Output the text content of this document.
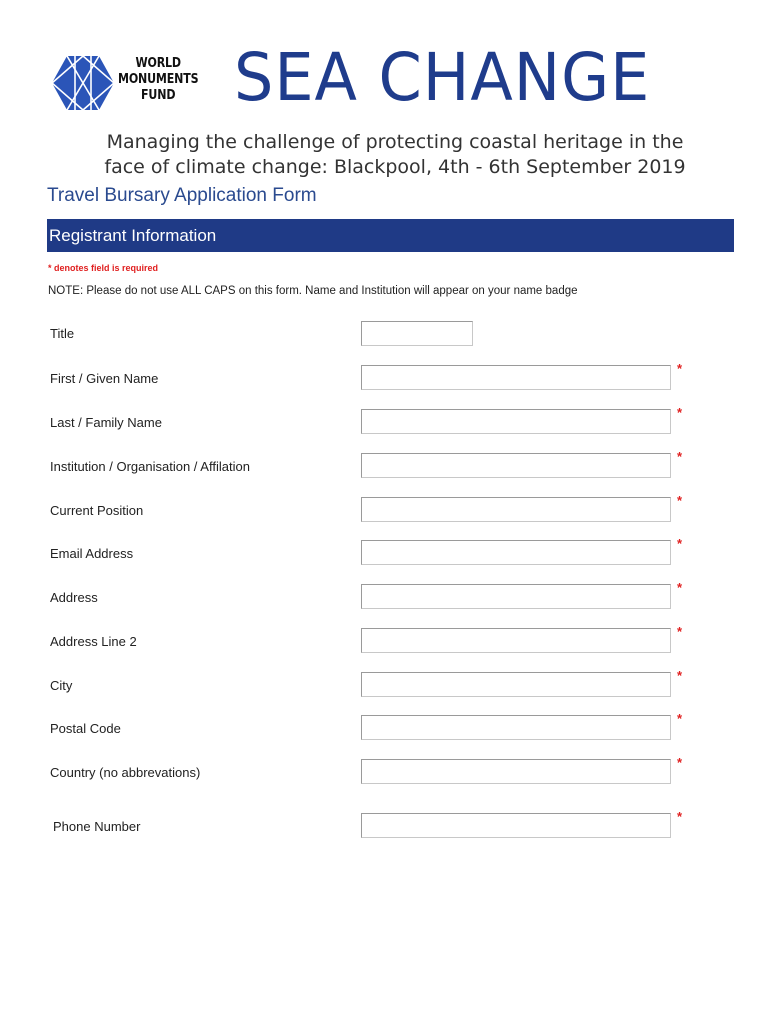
WORLD
MONUMENTS
FUND SEA CHANGE
Managing the challenge of protecting coastal heritage in the
face of climate change: Blackpool, 4th - 6th September 2019
Travel Bursary Application Form
Registrant Information
* denotes field is required
NOTE: Please do not use ALL CAPS on this form. Name and Institution will appear on your name badge
Title
First / Given Name
*
Last / Family Name
*
Institution / Organisation / Affilation
*
Current Position
*
Email Address
*
Address
*
Address Line 2
*
City
*
Postal Code
*
Country (no abbrevations)
*
Phone Number
*
